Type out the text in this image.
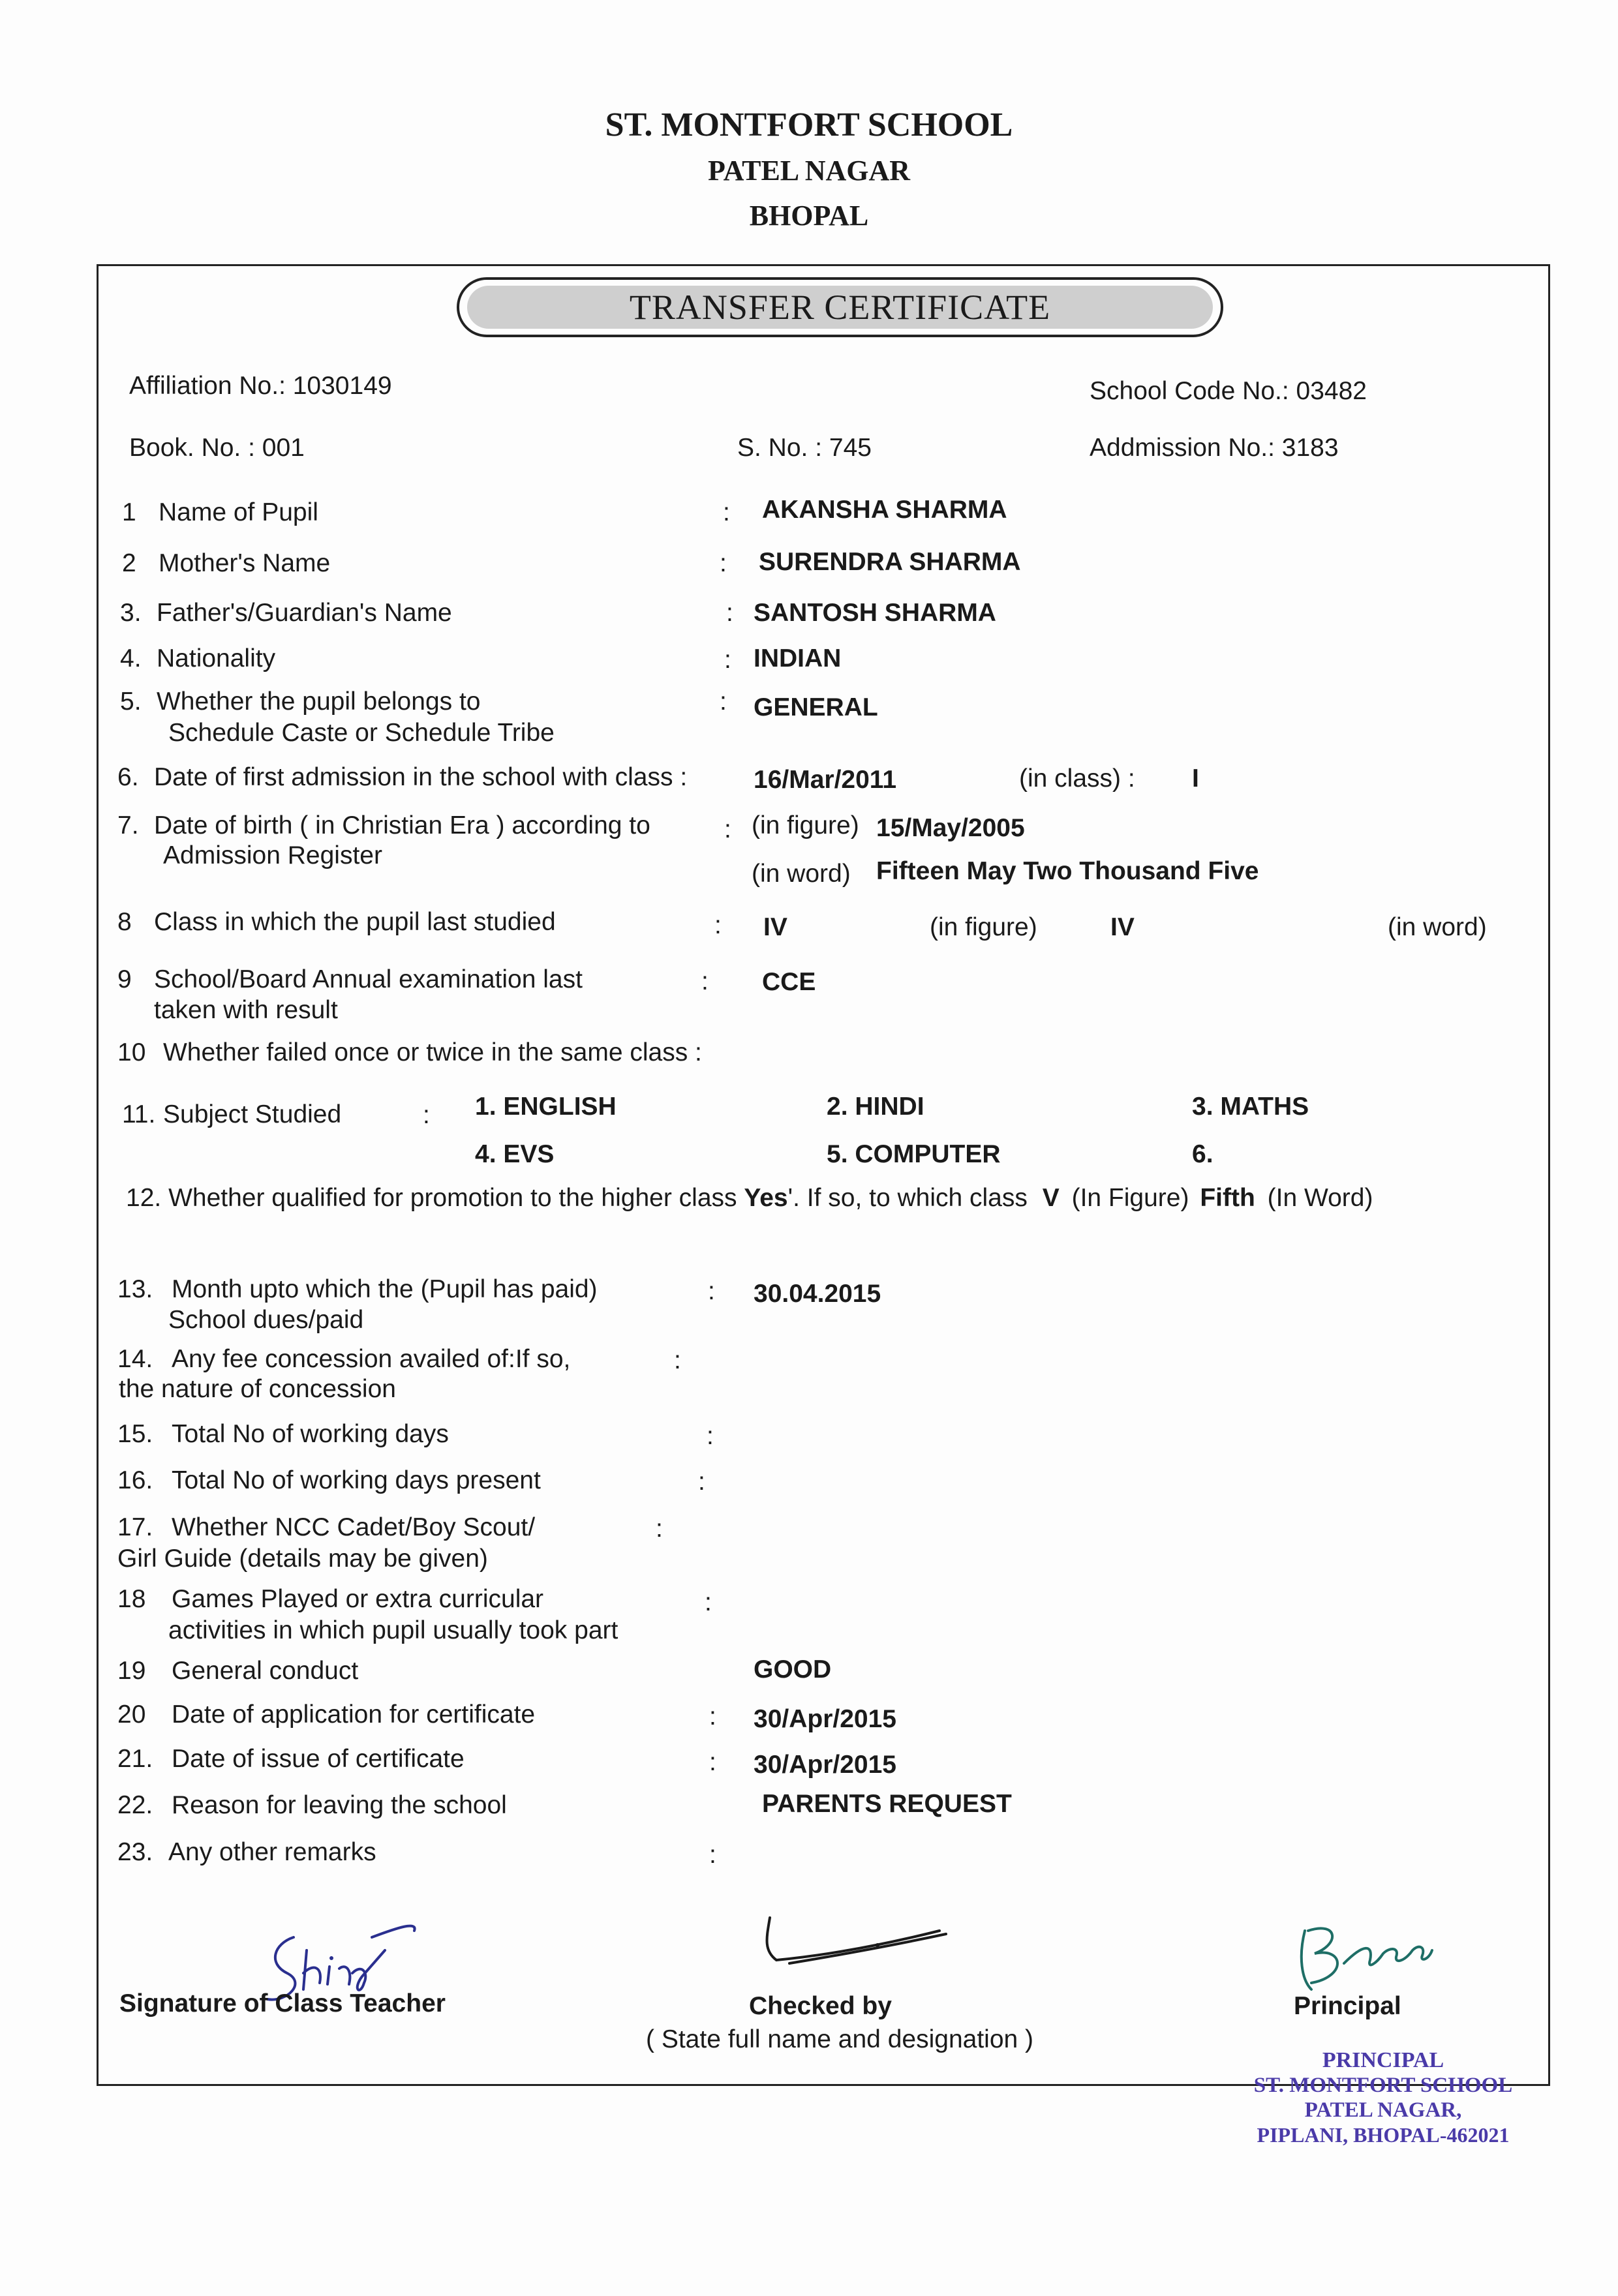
ST. MONTFORT SCHOOL
PATEL NAGAR
BHOPAL
TRANSFER CERTIFICATE
Affiliation No.: 1030149	School Code No.: 03482
Book. No. : 001	S. No. : 745	Addmission No.: 3183
1 Name of Pupil	: AKANSHA SHARMA
2 Mother's Name	: SURENDRA SHARMA
3. Father's/Guardian's Name	: SANTOSH SHARMA
4. Nationality	: INDIAN
5. Whether the pupil belongs to
Schedule Caste or Schedule Tribe
: GENERAL
6. Date of first admission in the school with class :	16/Mar/2011	(in class) : I
7. Date of birth ( in Christian Era ) according to
Admission Register
: (in figure) 15/May/2005
(in word) Fifteen May Two Thousand Five
8 Class in which the pupil last studied	: IV	(in figure)	IV	(in word)
9 School/Board Annual examination last
taken with result
: CCE
10 Whether failed once or twice in the same class :
11. Subject Studied	: 1. ENGLISH	2. HINDI	3. MATHS
4. EVS	5. COMPUTER	6.
12. Whether qualified for promotion to the higher class Yes'. If so, to which class V (In Figure) Fifth (In Word)
13. Month upto which the (Pupil has paid)
School dues/paid
: 30.04.2015
14. Any fee concession availed of:If so,
the nature of concession
:
15. Total No of working days	:
16. Total No of working days present	:
17. Whether NCC Cadet/Boy Scout/
Girl Guide (details may be given)
:
18 Games Played or extra curricular
activities in which pupil usually took part
:
19 General conduct	GOOD
20 Date of application for certificate	: 30/Apr/2015
21. Date of issue of certificate	: 30/Apr/2015
22. Reason for leaving the school	PARENTS REQUEST
23. Any other remarks	:
Signature of Class Teacher	Checked by
( State full name and designation )
Principal
PRINCIPAL
ST. MONTFORT SCHOOL
PATEL NAGAR,
PIPLANI, BHOPAL-462021
